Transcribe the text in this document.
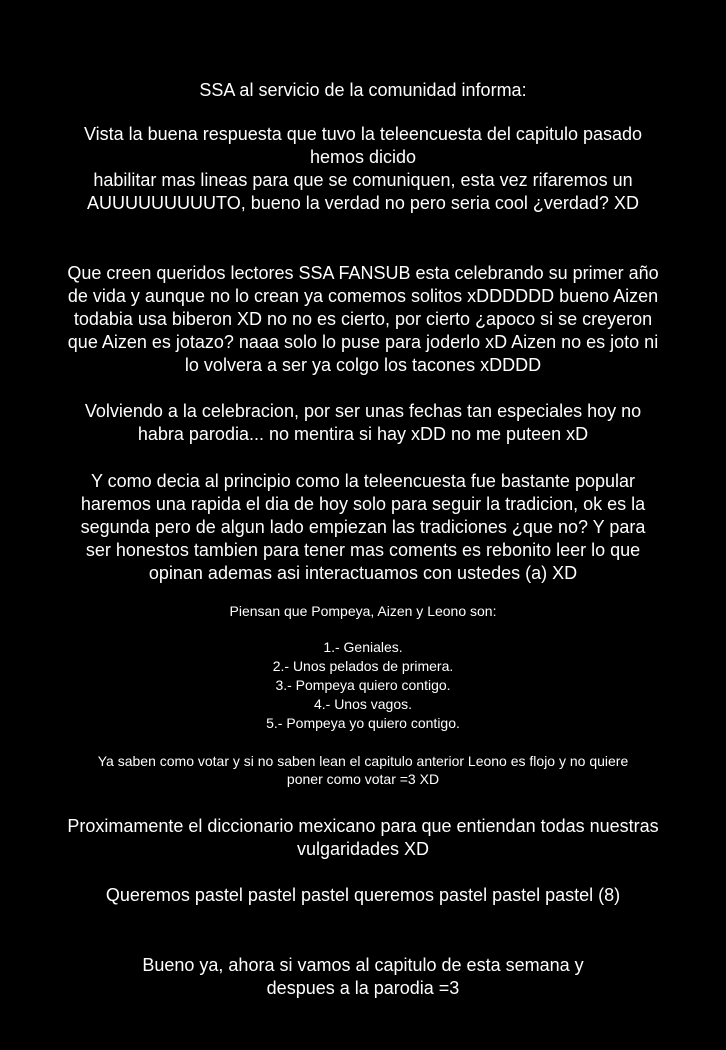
SSA al servicio de la comunidad informa:
Vista la buena respuesta que tuvo la teleencuesta del capitulo pasado
hemos dicido
habilitar mas lineas para que se comuniquen, esta vez rifaremos un
AUUUUUUUUUTO, bueno la verdad no pero seria cool ¿verdad? XD
Que creen queridos lectores SSA FANSUB esta celebrando su primer año
de vida y aunque no lo crean ya comemos solitos xDDDDDD bueno Aizen
todabia usa biberon XD no no es cierto, por cierto ¿apoco si se creyeron
que Aizen es jotazo? naaa solo lo puse para joderlo xD Aizen no es joto ni
lo volvera a ser ya colgo los tacones xDDDD
Volviendo a la celebracion, por ser unas fechas tan especiales hoy no
habra parodia... no mentira si hay xDD no me puteen xD
Y como decia al principio como la teleencuesta fue bastante popular
haremos una rapida el dia de hoy solo para seguir la tradicion, ok es la
segunda pero de algun lado empiezan las tradiciones ¿que no? Y para
ser honestos tambien para tener mas coments es rebonito leer lo que
opinan ademas asi interactuamos con ustedes (a) XD
Piensan que Pompeya, Aizen y Leono son:
1.- Geniales.
2.- Unos pelados de primera.
3.- Pompeya quiero contigo.
4.- Unos vagos.
5.- Pompeya yo quiero contigo.
Ya saben como votar y si no saben lean el capitulo anterior Leono es flojo y no quiere
poner como votar =3 XD
Proximamente el diccionario mexicano para que entiendan todas nuestras
vulgaridades XD
Queremos pastel pastel pastel queremos pastel pastel pastel (8)
Bueno ya, ahora si vamos al capitulo de esta semana y
despues a la parodia =3
